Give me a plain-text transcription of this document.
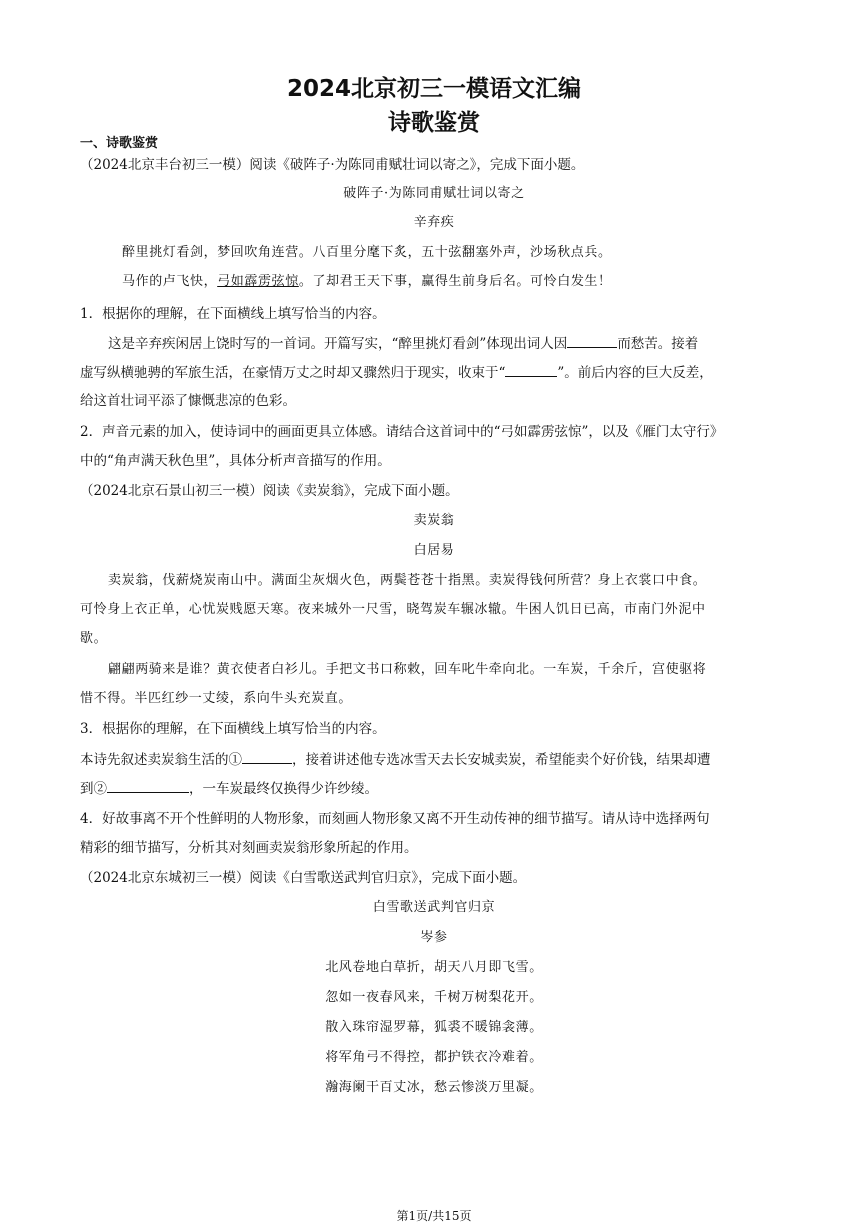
2024北京初三一模语文汇编
诗歌鉴赏
一、诗歌鉴赏
（2024北京丰台初三一模）阅读《破阵子·为陈同甫赋壮词以寄之》，完成下面小题。
破阵子·为陈同甫赋壮词以寄之
辛弃疾
醉里挑灯看剑，梦回吹角连营。八百里分麾下炙，五十弦翻塞外声，沙场秋点兵。
马作的卢飞快，弓如霹雳弦惊。了却君王天下事，赢得生前身后名。可怜白发生！
1．根据你的理解，在下面横线上填写恰当的内容。
这是辛弃疾闲居上饶时写的一首词。开篇写实，“醉里挑灯看剑”体现出词人因	而愁苦。接着
虚写纵横驰骋的军旅生活，在豪情万丈之时却又骤然归于现实，收束于“	”。前后内容的巨大反差，
给这首壮词平添了慷慨悲凉的色彩。
2．声音元素的加入，使诗词中的画面更具立体感。请结合这首词中的“弓如霹雳弦惊”，以及《雁门太守行》
中的“角声满天秋色里”，具体分析声音描写的作用。
（2024北京石景山初三一模）阅读《卖炭翁》，完成下面小题。
卖炭翁
白居易
卖炭翁，伐薪烧炭南山中。满面尘灰烟火色，两鬓苍苍十指黑。卖炭得钱何所营？身上衣裳口中食。
可怜身上衣正单，心忧炭贱愿天寒。夜来城外一尺雪，晓驾炭车辗冰辙。牛困人饥日已高，市南门外泥中
歇。
翩翩两骑来是谁？黄衣使者白衫儿。手把文书口称敕，回车叱牛牵向北。一车炭，千余斤，宫使驱将
惜不得。半匹红纱一丈绫，系向牛头充炭直。
3．根据你的理解，在下面横线上填写恰当的内容。
本诗先叙述卖炭翁生活的①	，接着讲述他专选冰雪天去长安城卖炭，希望能卖个好价钱，结果却遭
到②	，一车炭最终仅换得少许纱绫。
4．好故事离不开个性鲜明的人物形象，而刻画人物形象又离不开生动传神的细节描写。请从诗中选择两句
精彩的细节描写，分析其对刻画卖炭翁形象所起的作用。
（2024北京东城初三一模）阅读《白雪歌送武判官归京》，完成下面小题。
白雪歌送武判官归京
岑参
北风卷地白草折，胡天八月即飞雪。
忽如一夜春风来，千树万树梨花开。
散入珠帘湿罗幕，狐裘不暖锦衾薄。
将军角弓不得控，都护铁衣冷难着。
瀚海阑干百丈冰，愁云惨淡万里凝。
第1页/共15页
